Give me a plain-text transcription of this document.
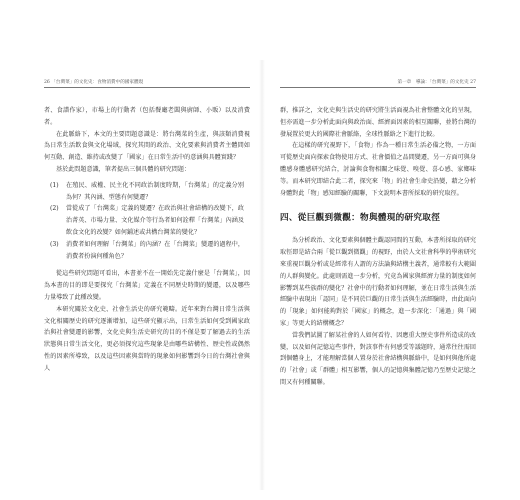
26 「台灣菜」的文化史：食物消費中的國家體現

者、食譜作家），市場上的行動者（包括餐廳老闆與廚師、小販）以及消費者。

在此脈絡下，本文的主要問題意識是：將台灣菜的生產，與該類消費視為日常生活飲食與文化場域，探究其間的政治、文化要素與消費者主體間如何互動、創造、維持或改變了「國家」在日常生活中的意涵與具體實踐？

基於此問題意識，筆者提出三個具體的研究問題：

(1) 在殖民、威權、民主化不同政治制度時期，「台灣菜」的定義分別為何？其內涵、型態有何變遷？
(2) 當從成了「台灣菜」定義的變遷？在政治與社會結構的改變下，政治菁英、市場力量、文化媒介等行為者如何詮釋「台灣菜」內涵及飲食文化的改變？如何鋪述或共構台灣菜的變化？
(3) 消費者如何理解「台灣菜」的內涵？在「台灣菜」變遷的過程中，消費者扮演何種角色？

從這些研究問題可看出，本書並不在一開始先定義什麼是「台灣菜」，因為本書的目的即是要探究「台灣菜」定義在不同歷史時期的變遷，以及哪些力量導致了此種改變。

本研究關於文化史、社會生活史的研究範疇。近年來對台灣日常生活與文化相關歷史的研究逐漸增加，這些研究顯示出，日常生活如何受到國家政治與社會變遷的影響，文化史與生活史研究的目的不僅是要了解過去的生活狀態與日常生活文化，更必須探究這些現象是由哪些結構性、歷史性或偶然性的因素所導致，以及這些因素與當時的現象如何影響到今日的台灣社會與人

第一章　導論：「台灣菜」的文化史 27

群，推詳之，文化史與生活史的研究將生活面視為社會整體文化的呈現，但亦需進一步分析此面向與政治面、經濟面因素的相互關聯，並將台灣的發展置於更大的國際社會脈絡，全球性脈絡之下進行比較。

在這樣的研究視野下，「食物」作為一種日常生活必備之物，一方面可從歷史面向探索食物使用方式、社會價值之品間變遷，另一方面可與身體感身體感研究結合，討論與食物相關之味覺、嗅覺、喜心感、家鄉味等。而本研究即結合此二者，探究來「物」的社會生命史沿變，藉之分析身體對此「物」感知經驗的關聯，下文說明本書所採取的研究取徑。

四、從巨觀到微觀：物與體現的研究取徑

為分析政治、文化要素與個體主觀認同間的互動，本書所採取的研究取徑即是結合兩「從巨觀到微觀」的視野，由於人文社會科學的學術研究來重視巨觀分析或是經常有人謂的方法論與結構主義者，通常較有大範圍的人群與變化。此處則需進一步分析，究竟為國家與經濟力量的制度如何影響到某些族群的變化？社會中的行動者如何理解，並在日常生活與生活經驗中表現出「認同」是不同於巨觀的日常生活與生活經驗時，由此面向的「現象」如何能夠對於「國家」的概念，進一步深化：「通過」與「國家」等更大的結構概念？

當我們試圖了解某社會的人如何看待、因應重大歷史事件所造成的改變，以及如何記憶這些事件，對該事件有何感受等議題時，通常往往需回到個體身上，才能理解當個人置身於社會結構與脈絡中，是如何與他所處的「社會」或「群體」相互影響，個人的記憶與集體記憶乃至歷史記憶之間又有何種關聯。
